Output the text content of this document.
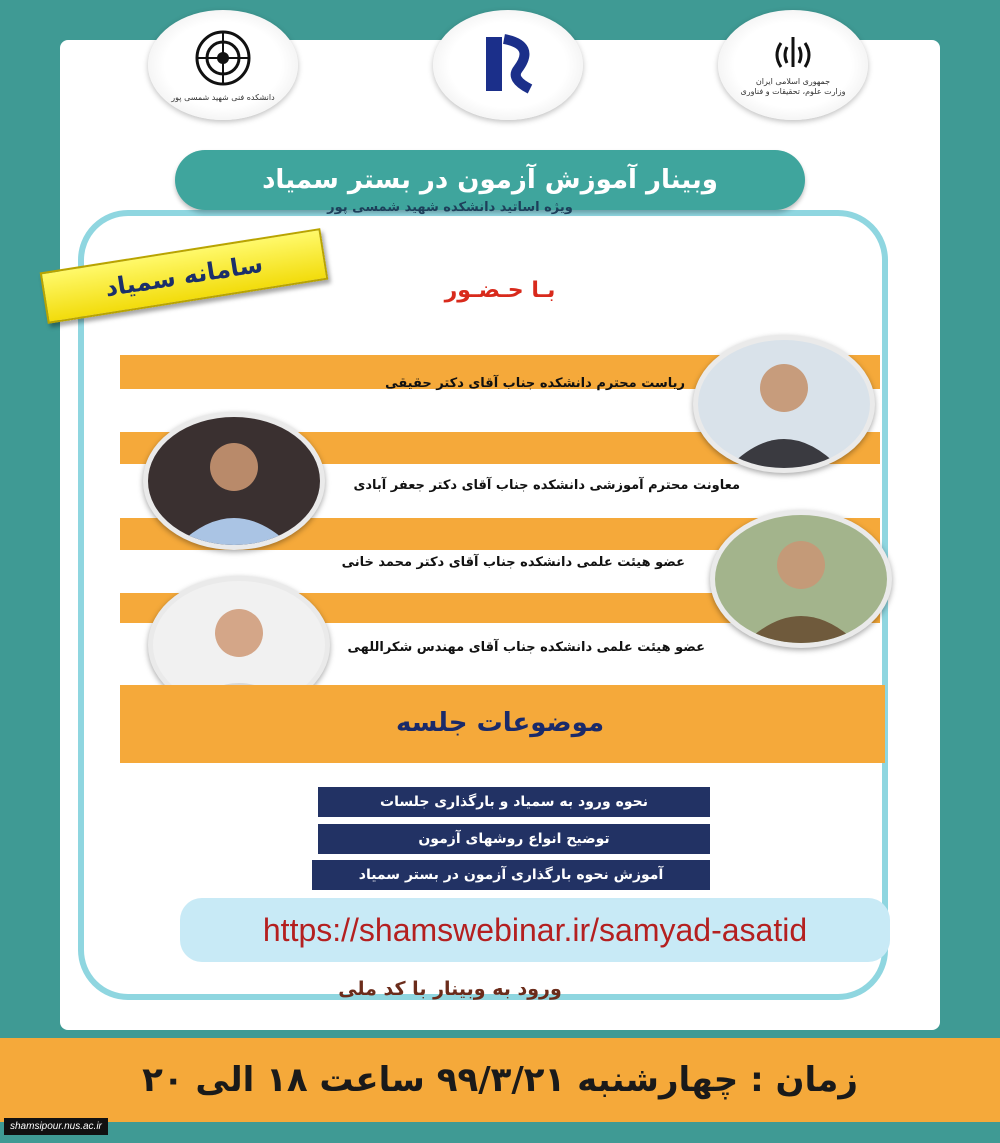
دانشکده فنی شهید شمسی پور
جمهوری اسلامی ایران
وزارت علوم، تحقیقات و فناوری
وبینار آموزش آزمون در بستر سمیاد
ویژه اساتید دانشکده شهید شمسی پور
سامانه سمیاد	بـا حـضـور
ریاست محترم دانشکده جناب آقای دکتر حقیقی
معاونت محترم آموزشی دانشکده جناب آقای دکتر جعفر آبادی
عضو هیئت علمی دانشکده جناب آقای دکتر محمد خانی
عضو هیئت علمی دانشکده جناب آقای مهندس شکراللهی
موضوعات جلسه
نحوه ورود به سمیاد و بارگذاری جلسات
توضیح انواع روشهای آزمون
آموزش نحوه بارگذاری آزمون در بستر سمیاد
https://shamswebinar.ir/samyad-asatid
ورود به وبینار با کد ملی
زمان : چهارشنبه ۹۹/۳/۲۱ ساعت ۱۸ الی ۲۰
shamsipour.nus.ac.ir
